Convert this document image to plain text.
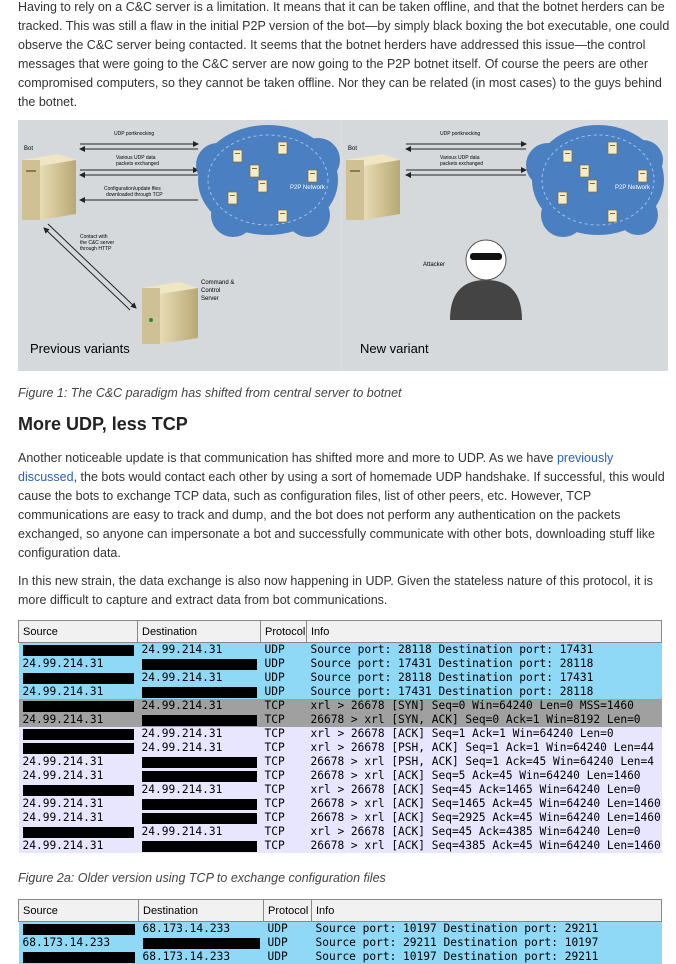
Having to rely on a C&C server is a limitation. It means that it can be taken offline, and that the botnet herders can be tracked. This was still a flaw in the initial P2P version of the bot—by simply black boxing the bot executable, one could observe the C&C server being contacted. It seems that the botnet herders have addressed this issue—the control messages that were going to the C&C server are now going to the P2P botnet itself. Of course the peers are other compromised computers, so they cannot be taken offline. Nor they can be related (in most cases) to the guys behind the botnet.

Bot
UDP portknocking
Various UDP data
packets exchanged
Configuration/update files
downloaded through TCP
P2P Network
Contact with
the C&C server
through HTTP
Command &
Control
Server
Previous variants
Bot
UDP portknocking
Various UDP data
packets exchanged
P2P Network
Attacker
New variant
Figure 1: The C&C paradigm has shifted from central server to botnet
More UDP, less TCP

Another noticeable update is that communication has shifted more and more to UDP. As we have previously discussed, the bots would contact each other by using a sort of homemade UDP handshake. If successful, this would cause the bots to exchange TCP data, such as configuration files, list of other peers, etc. However, TCP communications are easy to track and dump, and the bot does not perform any authentication on the packets exchanged, so anyone can impersonate a bot and successfully communicate with other bots, downloading stuff like configuration data.

In this new strain, the data exchange is also now happening in UDP. Given the stateless nature of this protocol, it is more difficult to capture and extract data from bot communications.

Source	Destination	Protocol	Info
	24.99.214.31	UDP	Source port: 28118 Destination port: 17431
24.99.214.31		UDP	Source port: 17431 Destination port: 28118
	24.99.214.31	UDP	Source port: 28118 Destination port: 17431
24.99.214.31		UDP	Source port: 17431 Destination port: 28118
	24.99.214.31	TCP	xrl > 26678 [SYN] Seq=0 Win=64240 Len=0 MSS=1460
24.99.214.31		TCP	26678 > xrl [SYN, ACK] Seq=0 Ack=1 Win=8192 Len=0
	24.99.214.31	TCP	xrl > 26678 [ACK] Seq=1 Ack=1 Win=64240 Len=0
	24.99.214.31	TCP	xrl > 26678 [PSH, ACK] Seq=1 Ack=1 Win=64240 Len=44
24.99.214.31		TCP	26678 > xrl [PSH, ACK] Seq=1 Ack=45 Win=64240 Len=4
24.99.214.31		TCP	26678 > xrl [ACK] Seq=5 Ack=45 Win=64240 Len=1460
	24.99.214.31	TCP	xrl > 26678 [ACK] Seq=45 Ack=1465 Win=64240 Len=0
24.99.214.31		TCP	26678 > xrl [ACK] Seq=1465 Ack=45 Win=64240 Len=1460
24.99.214.31		TCP	26678 > xrl [ACK] Seq=2925 Ack=45 Win=64240 Len=1460
	24.99.214.31	TCP	xrl > 26678 [ACK] Seq=45 Ack=4385 Win=64240 Len=0
24.99.214.31		TCP	26678 > xrl [ACK] Seq=4385 Ack=45 Win=64240 Len=1460
Figure 2a: Older version using TCP to exchange configuration files
Source	Destination	Protocol	Info
	68.173.14.233	UDP	Source port: 10197 Destination port: 29211
68.173.14.233		UDP	Source port: 29211 Destination port: 10197
	68.173.14.233	UDP	Source port: 10197 Destination port: 29211
